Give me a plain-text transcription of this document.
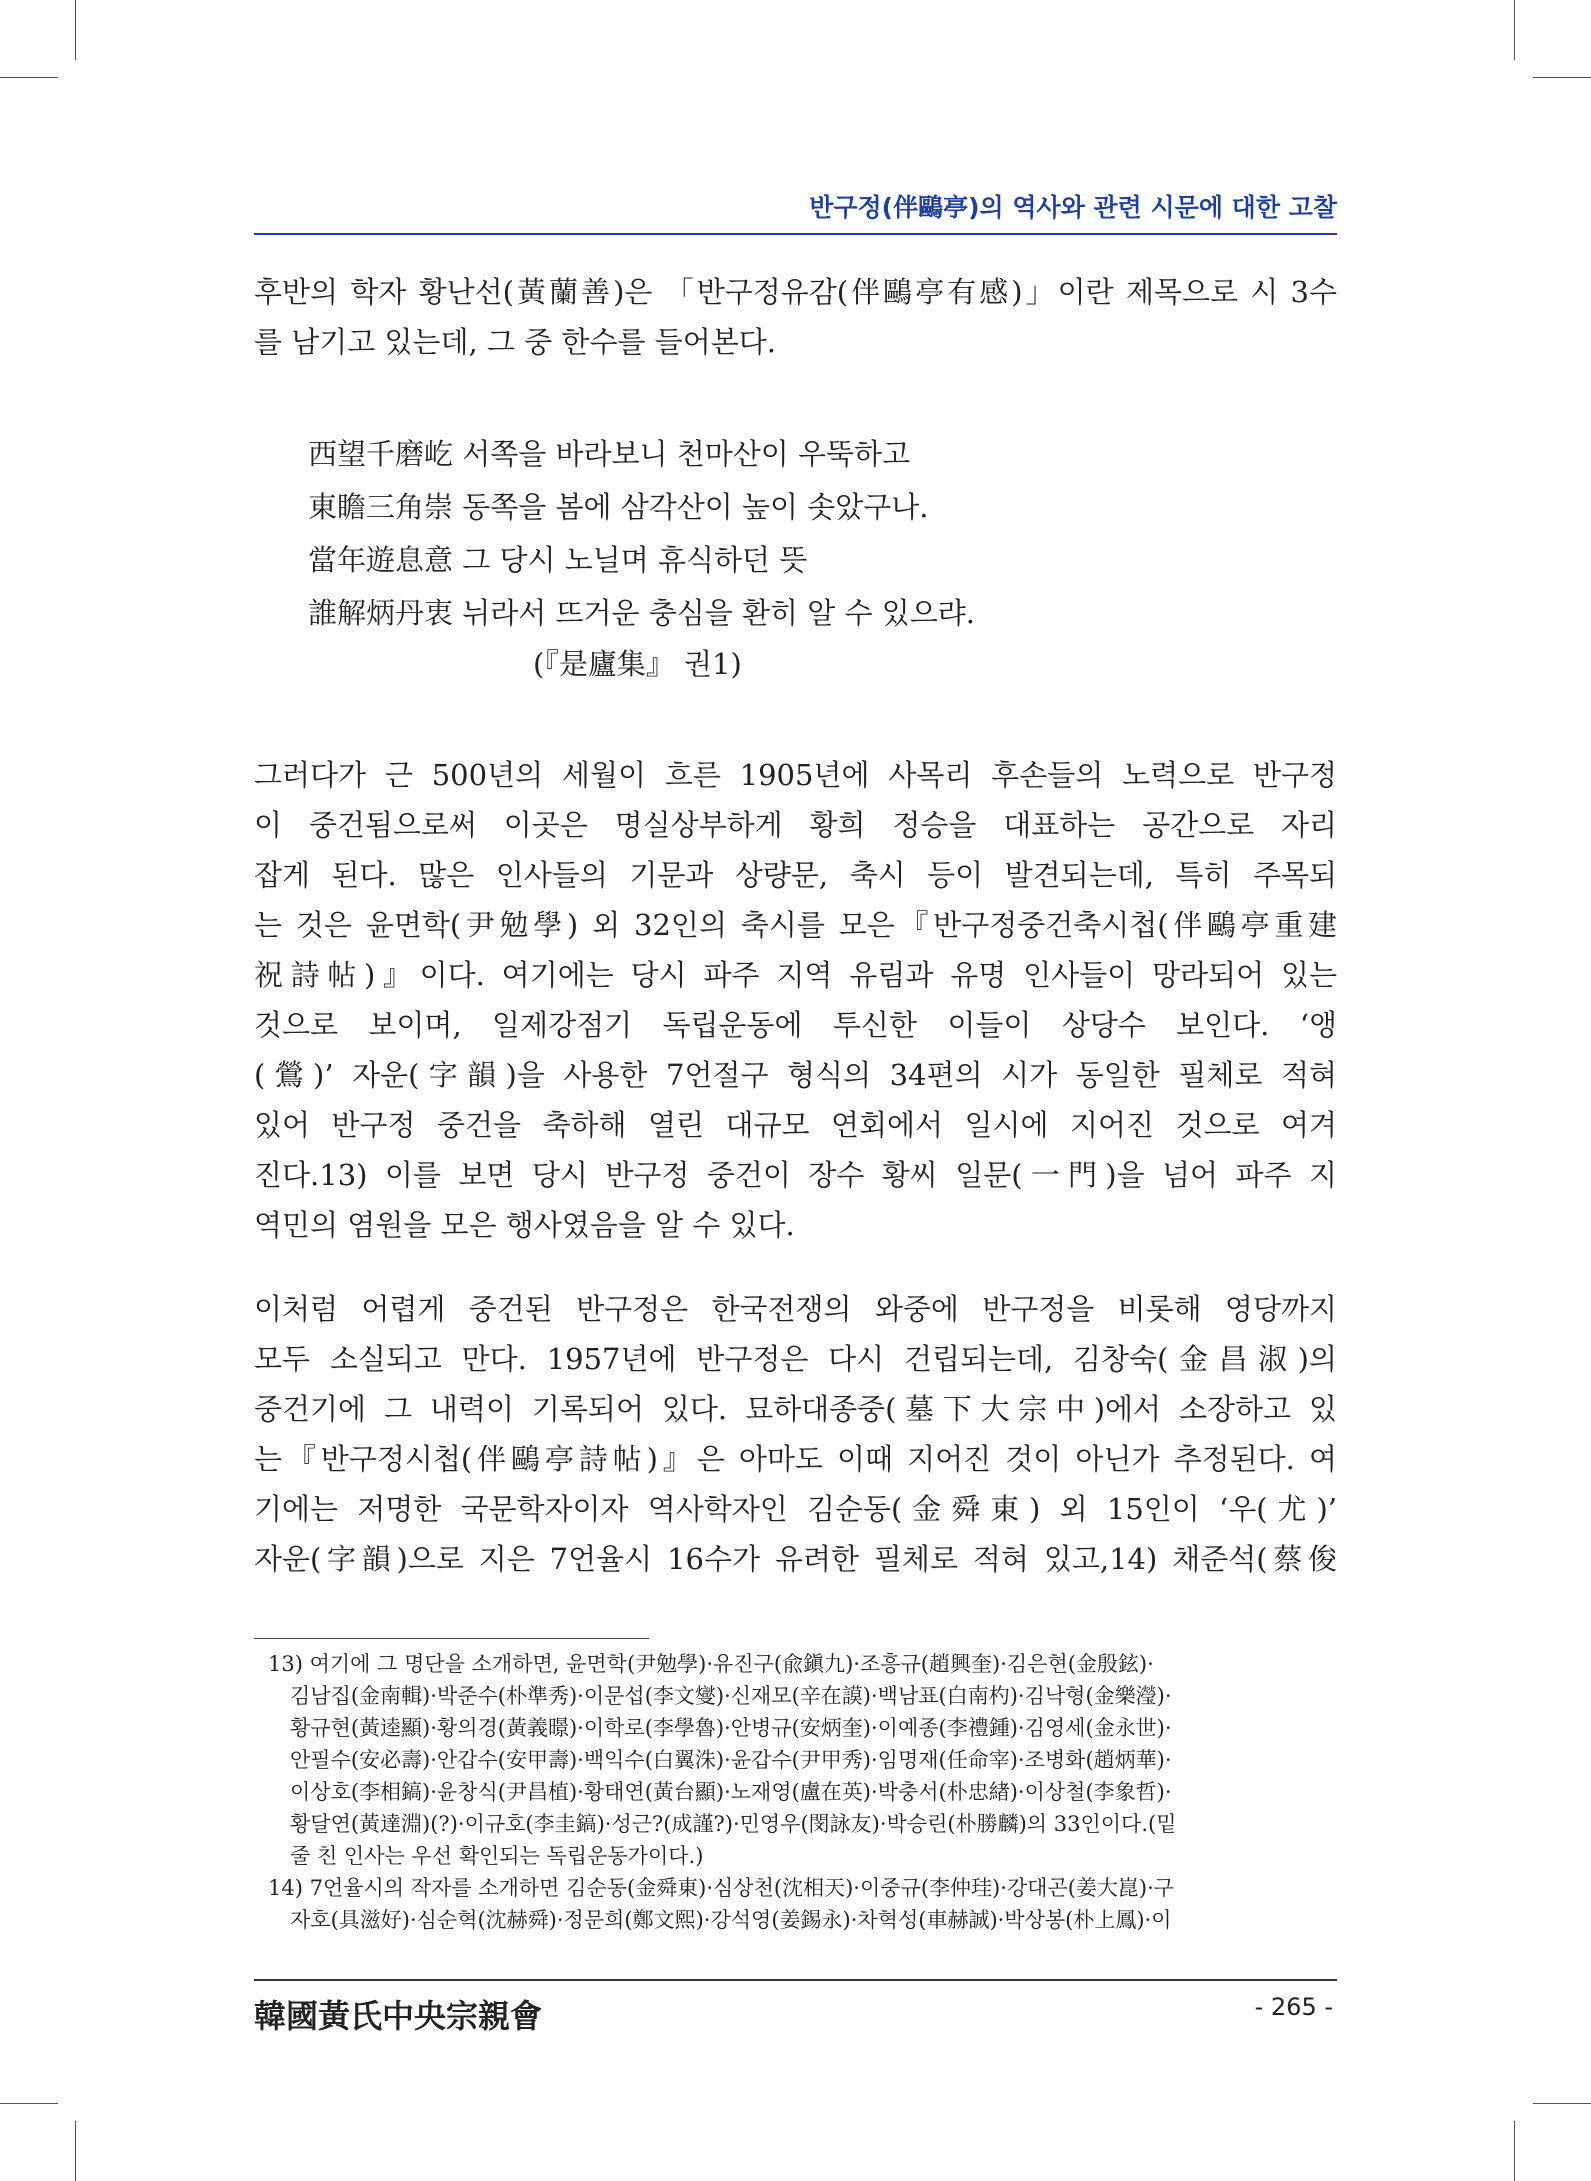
반구정(伴鷗亭)의 역사와 관련 시문에 대한 고찰
후반의 학자 황난선(黃蘭善)은 「반구정유감(伴鷗亭有感)」이란 제목으로 시 3수
를 남기고 있는데, 그 중 한수를 들어본다.
西望千磨屹 서쪽을 바라보니 천마산이 우뚝하고
東瞻三角崇 동쪽을 봄에 삼각산이 높이 솟았구나.
當年遊息意 그 당시 노닐며 휴식하던 뜻
誰解炳丹衷 뉘라서 뜨거운 충심을 환히 알 수 있으랴.
(『是廬集』 권1)
그러다가 근 500년의 세월이 흐른 1905년에 사목리 후손들의 노력으로 반구정
이 중건됨으로써 이곳은 명실상부하게 황희 정승을 대표하는 공간으로 자리
잡게 된다. 많은 인사들의 기문과 상량문, 축시 등이 발견되는데, 특히 주목되
는 것은 윤면학(尹勉學) 외 32인의 축시를 모은『반구정중건축시첩(伴鷗亭重建
祝詩帖)』이다. 여기에는 당시 파주 지역 유림과 유명 인사들이 망라되어 있는
것으로 보이며, 일제강점기 독립운동에 투신한 이들이 상당수 보인다. ‘앵
(鶯)’ 자운(字韻)을 사용한 7언절구 형식의 34편의 시가 동일한 필체로 적혀
있어 반구정 중건을 축하해 열린 대규모 연회에서 일시에 지어진 것으로 여겨
진다.13) 이를 보면 당시 반구정 중건이 장수 황씨 일문(一門)을 넘어 파주 지
역민의 염원을 모은 행사였음을 알 수 있다.
이처럼 어렵게 중건된 반구정은 한국전쟁의 와중에 반구정을 비롯해 영당까지
모두 소실되고 만다. 1957년에 반구정은 다시 건립되는데, 김창숙(金昌淑)의
중건기에 그 내력이 기록되어 있다. 묘하대종중(墓下大宗中)에서 소장하고 있
는『반구정시첩(伴鷗亭詩帖)』은 아마도 이때 지어진 것이 아닌가 추정된다. 여
기에는 저명한 국문학자이자 역사학자인 김순동(金舜東) 외 15인이 ‘우(尤)’
자운(字韻)으로 지은 7언율시 16수가 유려한 필체로 적혀 있고,14) 채준석(蔡俊
13) 여기에 그 명단을 소개하면, 윤면학(尹勉學)·유진구(兪鎭九)·조흥규(趙興奎)·김은현(金殷鉉)·
김남집(金南輯)·박준수(朴準秀)·이문섭(李文燮)·신재모(辛在謨)·백남표(白南杓)·김낙형(金樂瀅)·
황규현(黃逵顯)·황의경(黃義暻)·이학로(李學魯)·안병규(安炳奎)·이예종(李禮鍾)·김영세(金永世)·
안필수(安必壽)·안갑수(安甲壽)·백익수(白翼洙)·윤갑수(尹甲秀)·임명재(任命宰)·조병화(趙炳華)·
이상호(李相鎬)·윤창식(尹昌植)·황태연(黃台顯)·노재영(盧在英)·박충서(朴忠緖)·이상철(李象哲)·
황달연(黃達淵)(?)·이규호(李圭鎬)·성근?(成謹?)·민영우(閔詠友)·박승린(朴勝麟)의 33인이다.(밑
줄 친 인사는 우선 확인되는 독립운동가이다.)
14) 7언율시의 작자를 소개하면 김순동(金舜東)·심상천(沈相天)·이중규(李仲珪)·강대곤(姜大崑)·구
자호(具滋好)·심순혁(沈赫舜)·정문희(鄭文熙)·강석영(姜錫永)·차혁성(車赫誠)·박상봉(朴上鳳)·이
韓國黃氏中央宗親會	- 265 -
